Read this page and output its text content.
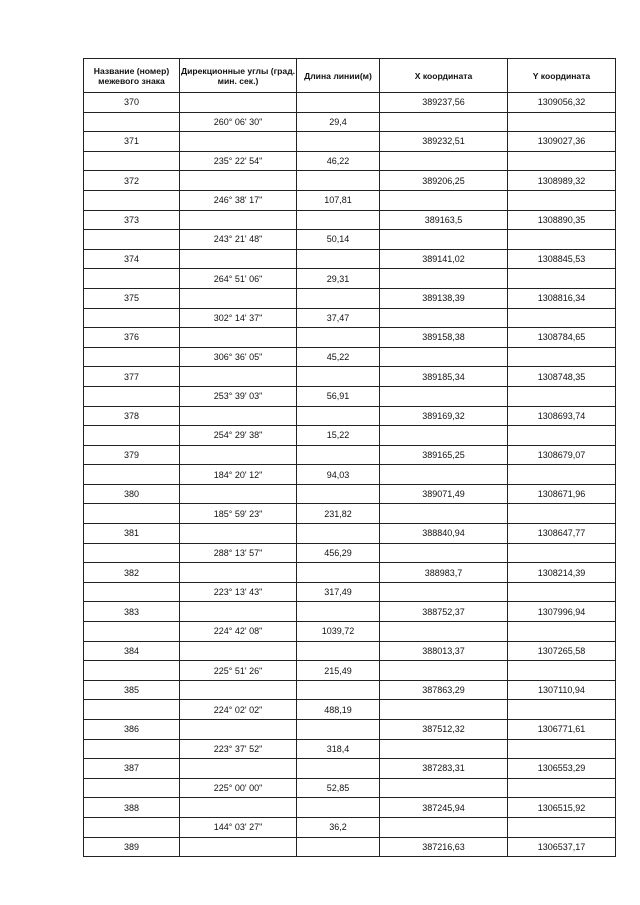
Название (номер) межевого знака	Дирекционные углы (град. мин. сек.)	Длина линии(м)	X координата	Y координата
370			389237,56	1309056,32
	260° 06' 30"	29,4		
371			389232,51	1309027,36
	235° 22' 54"	46,22		
372			389206,25	1308989,32
	246° 38' 17"	107,81		
373			389163,5	1308890,35
	243° 21' 48"	50,14		
374			389141,02	1308845,53
	264° 51' 06"	29,31		
375			389138,39	1308816,34
	302° 14' 37"	37,47		
376			389158,38	1308784,65
	306° 36' 05"	45,22		
377			389185,34	1308748,35
	253° 39' 03"	56,91		
378			389169,32	1308693,74
	254° 29' 38"	15,22		
379			389165,25	1308679,07
	184° 20' 12"	94,03		
380			389071,49	1308671,96
	185° 59' 23"	231,82		
381			388840,94	1308647,77
	288° 13' 57"	456,29		
382			388983,7	1308214,39
	223° 13' 43"	317,49		
383			388752,37	1307996,94
	224° 42' 08"	1039,72		
384			388013,37	1307265,58
	225° 51' 26"	215,49		
385			387863,29	1307110,94
	224° 02' 02"	488,19		
386			387512,32	1306771,61
	223° 37' 52"	318,4		
387			387283,31	1306553,29
	225° 00' 00"	52,85		
388			387245,94	1306515,92
	144° 03' 27"	36,2		
389			387216,63	1306537,17
